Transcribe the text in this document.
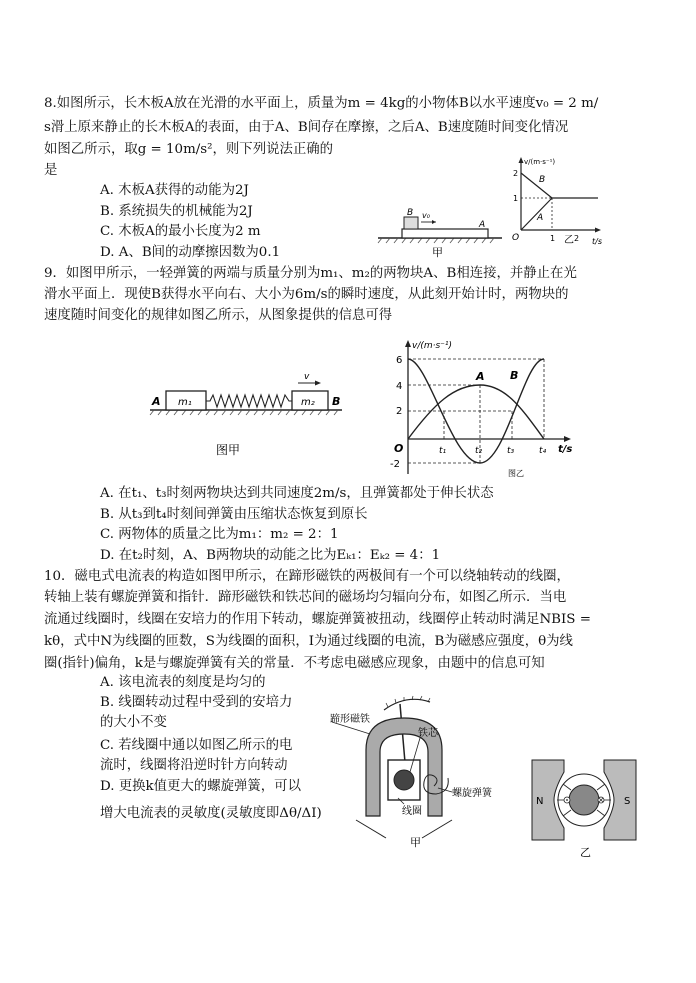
8.如图所示，长木板A放在光滑的水平面上，质量为m = 4kg的小物体B以水平速度v₀ = 2 m/
s滑上原来静止的长木板A的表面，由于A、B间存在摩擦，之后A、B速度随时间变化情况
如图乙所示，取g = 10m/s²，则下列说法正确的
是
A. 木板A获得的动能为2J
B. 系统损失的机械能为2J
C. 木板A的最小长度为2 m
D. A、B间的动摩擦因数为0.1
B v₀
A
甲
v/(m·s⁻¹)
t/s
O
2
1
1 2
B
A
乙
9．如图甲所示，一轻弹簧的两端与质量分别为m₁、m₂的两物块A、B相连接，并静止在光
滑水平面上．现使B获得水平向右、大小为6m/s的瞬时速度，从此刻开始计时，两物块的
速度随时间变化的规律如图乙所示，从图象提供的信息可得
m₁
A	m₂ B
v
图甲
v/(m·s⁻¹)
t/s
O
6
4
2
-2
t₁	t₂	t₃	t₄
A B
图乙
A. 在t₁、t₃时刻两物块达到共同速度2m/s，且弹簧都处于伸长状态
B. 从t₃到t₄时刻间弹簧由压缩状态恢复到原长
C. 两物体的质量之比为m₁：m₂ = 2：1
D. 在t₂时刻，A、B两物块的动能之比为Eₖ₁：Eₖ₂ = 4：1
10．磁电式电流表的构造如图甲所示，在蹄形磁铁的两极间有一个可以绕轴转动的线圈，
转轴上装有螺旋弹簧和指针．蹄形磁铁和铁芯间的磁场均匀辐向分布，如图乙所示．当电
流通过线圈时，线圈在安培力的作用下转动，螺旋弹簧被扭动，线圈停止转动时满足NBIS =
kθ，式中N为线圈的匝数，S为线圈的面积，I为通过线圈的电流，B为磁感应强度，θ为线
圈(指针)偏角，k是与螺旋弹簧有关的常量．不考虑电磁感应现象，由题中的信息可知
A. 该电流表的刻度是均匀的
B. 线圈转动过程中受到的安培力
的大小不变
C. 若线圈中通以如图乙所示的电
流时，线圈将沿逆时针方向转动
D. 更换k值更大的螺旋弹簧，可以
增大电流表的灵敏度(灵敏度即Δθ/ΔI)
蹄形磁铁
铁芯
螺旋弹簧
线圈
甲
N	S
乙
